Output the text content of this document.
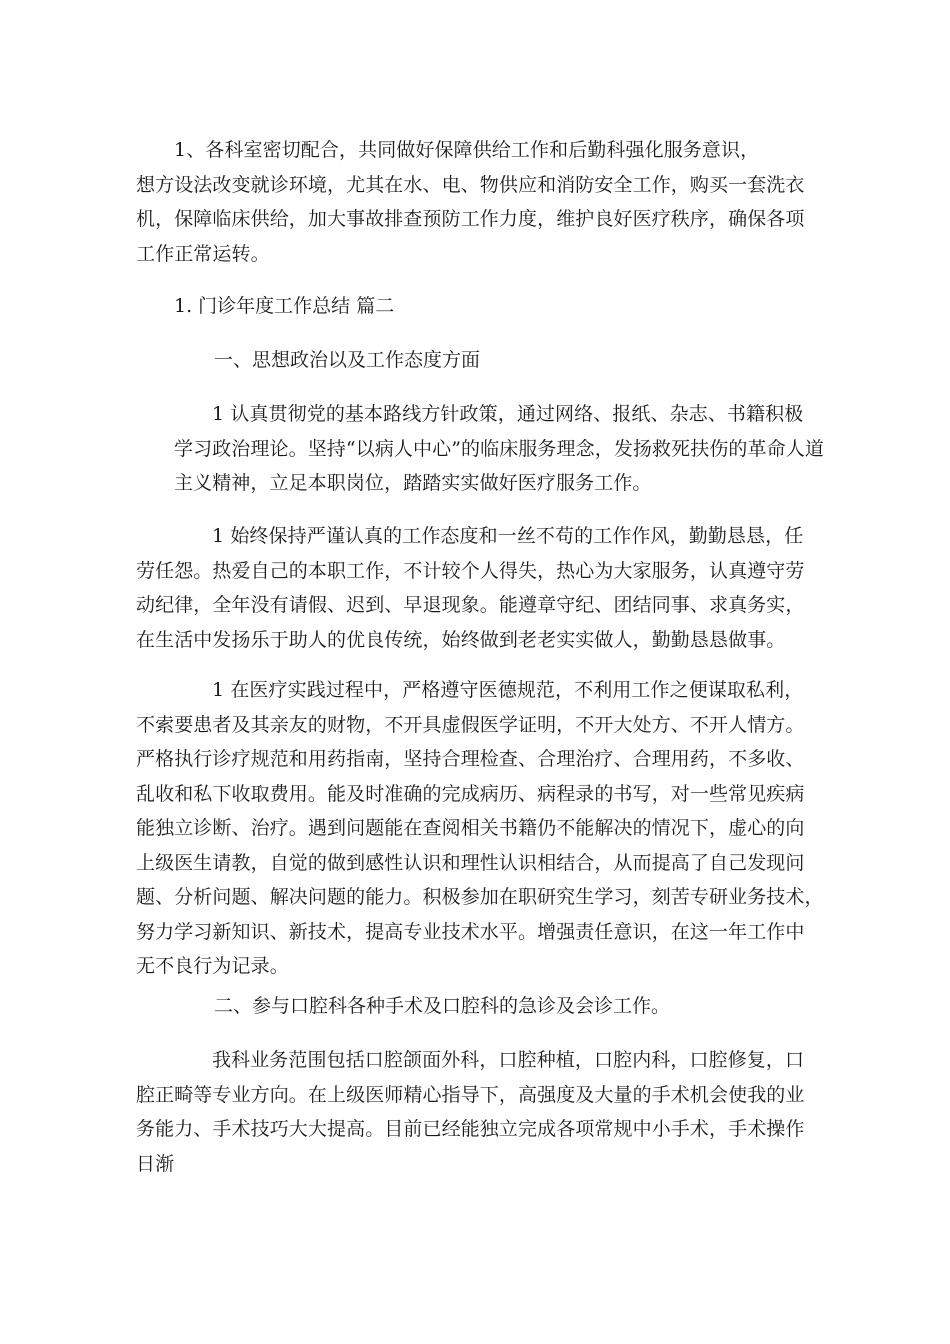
1、各科室密切配合，共同做好保障供给工作和后勤科强化服务意识，
想方设法改变就诊环境，尤其在水、电、物供应和消防安全工作，购买一套洗衣
机，保障临床供给，加大事故排查预防工作力度，维护良好医疗秩序，确保各项
工作正常运转。
1. 门诊年度工作总结 篇二
一、思想政治以及工作态度方面
1 认真贯彻党的基本路线方针政策，通过网络、报纸、杂志、书籍积极
学习政治理论。坚持“以病人中心”的临床服务理念，发扬救死扶伤的革命人道
主义精神，立足本职岗位，踏踏实实做好医疗服务工作。
1 始终保持严谨认真的工作态度和一丝不苟的工作作风，勤勤恳恳，任
劳任怨。热爱自己的本职工作，不计较个人得失，热心为大家服务，认真遵守劳
动纪律，全年没有请假、迟到、早退现象。能遵章守纪、团结同事、求真务实，
在生活中发扬乐于助人的优良传统，始终做到老老实实做人，勤勤恳恳做事。
1 在医疗实践过程中，严格遵守医德规范，不利用工作之便谋取私利，
不索要患者及其亲友的财物，不开具虚假医学证明，不开大处方、不开人情方。
严格执行诊疗规范和用药指南，坚持合理检查、合理治疗、合理用药，不多收、
乱收和私下收取费用。能及时准确的完成病历、病程录的书写，对一些常见疾病
能独立诊断、治疗。遇到问题能在查阅相关书籍仍不能解决的情况下，虚心的向
上级医生请教，自觉的做到感性认识和理性认识相结合，从而提高了自己发现问
题、分析问题、解决问题的能力。积极参加在职研究生学习，刻苦专研业务技术，
努力学习新知识、新技术，提高专业技术水平。增强责任意识，在这一年工作中
无不良行为记录。
二、参与口腔科各种手术及口腔科的急诊及会诊工作。
我科业务范围包括口腔颌面外科，口腔种植，口腔内科，口腔修复，口
腔正畸等专业方向。在上级医师精心指导下，高强度及大量的手术机会使我的业
务能力、手术技巧大大提高。目前已经能独立完成各项常规中小手术，手术操作
日渐
